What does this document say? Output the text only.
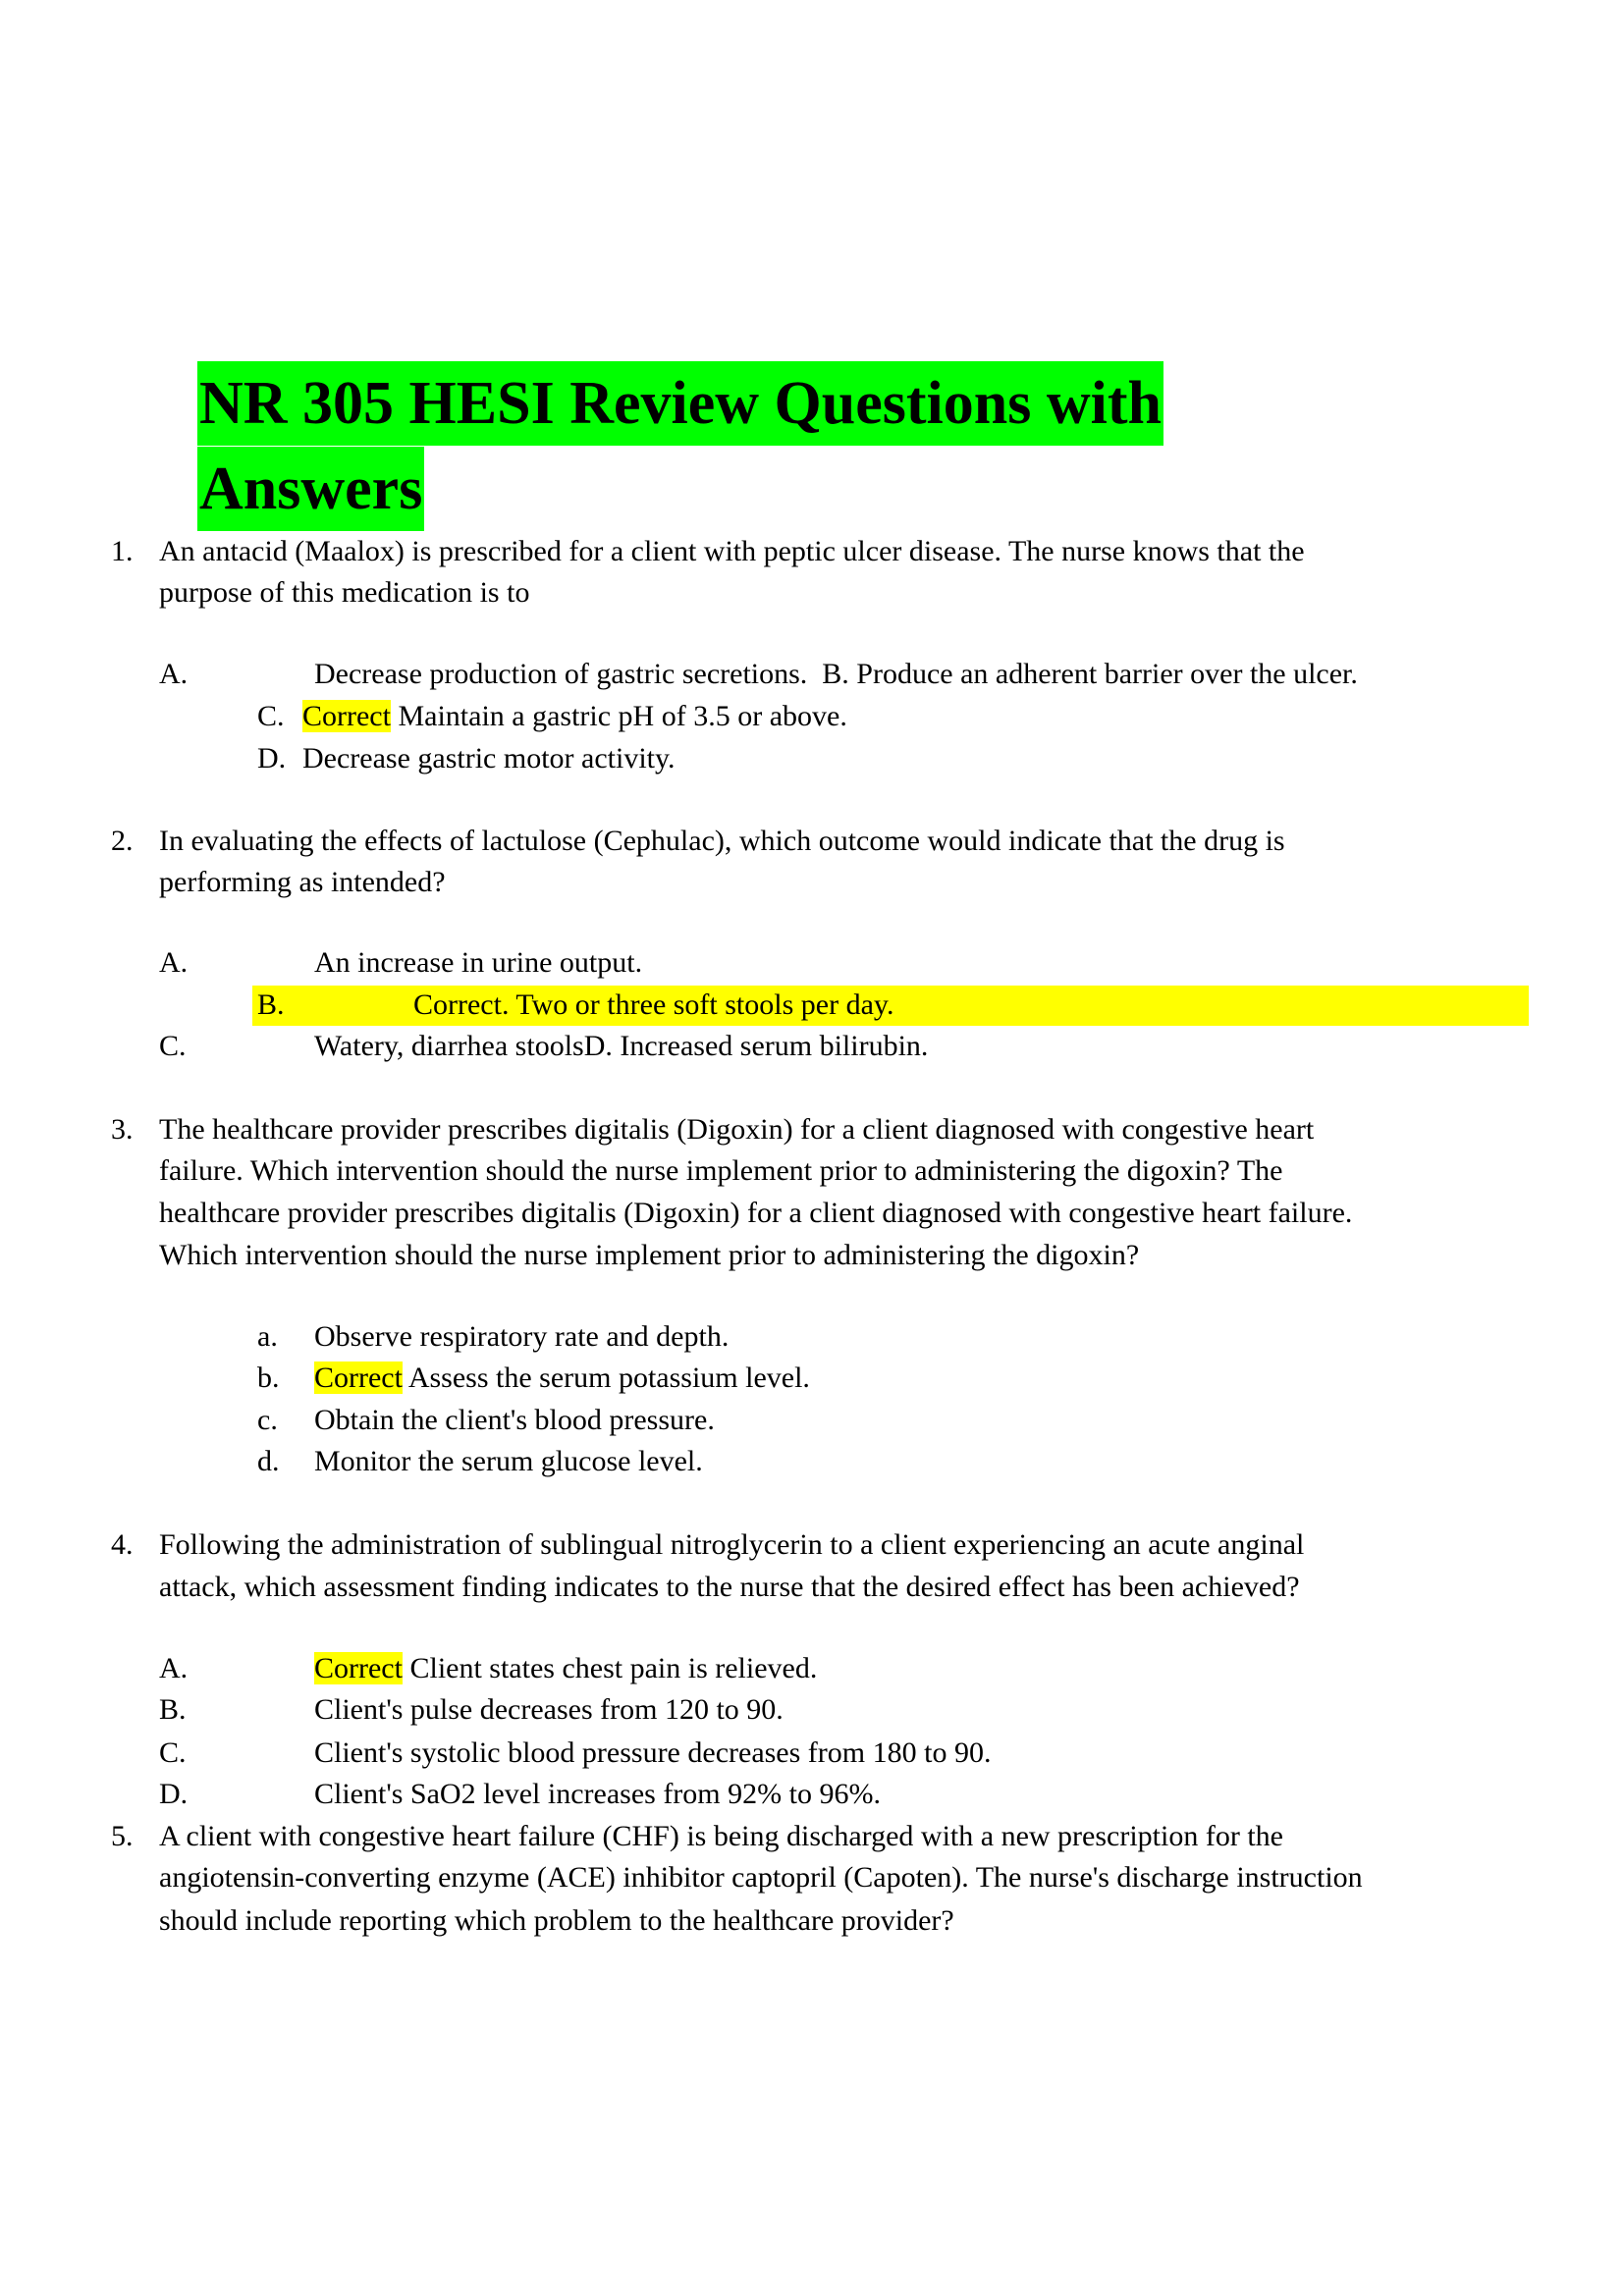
NR 305 HESI Review Questions with
Answers
1. An antacid (Maalox) is prescribed for a client with peptic ulcer disease. The nurse knows that the
purpose of this medication is to
A.	Decrease production of gastric secretions.  B. Produce an adherent barrier over the ulcer.
C. Correct Maintain a gastric pH of 3.5 or above.
D. Decrease gastric motor activity.
2. In evaluating the effects of lactulose (Cephulac), which outcome would indicate that the drug is
performing as intended?
A.	An increase in urine output.
B.	Correct. Two or three soft stools per day.
C.	Watery, diarrhea stoolsD. Increased serum bilirubin.
3. The healthcare provider prescribes digitalis (Digoxin) for a client diagnosed with congestive heart
failure. Which intervention should the nurse implement prior to administering the digoxin? The
healthcare provider prescribes digitalis (Digoxin) for a client diagnosed with congestive heart failure.
Which intervention should the nurse implement prior to administering the digoxin?
a. Observe respiratory rate and depth.
b. Correct Assess the serum potassium level.
c. Obtain the client's blood pressure.
d. Monitor the serum glucose level.
4. Following the administration of sublingual nitroglycerin to a client experiencing an acute anginal
attack, which assessment finding indicates to the nurse that the desired effect has been achieved?
A.	Correct Client states chest pain is relieved.
B.	Client's pulse decreases from 120 to 90.
C.	Client's systolic blood pressure decreases from 180 to 90.
D.	Client's SaO2 level increases from 92% to 96%.
5. A client with congestive heart failure (CHF) is being discharged with a new prescription for the
angiotensin-converting enzyme (ACE) inhibitor captopril (Capoten). The nurse's discharge instruction
should include reporting which problem to the healthcare provider?
